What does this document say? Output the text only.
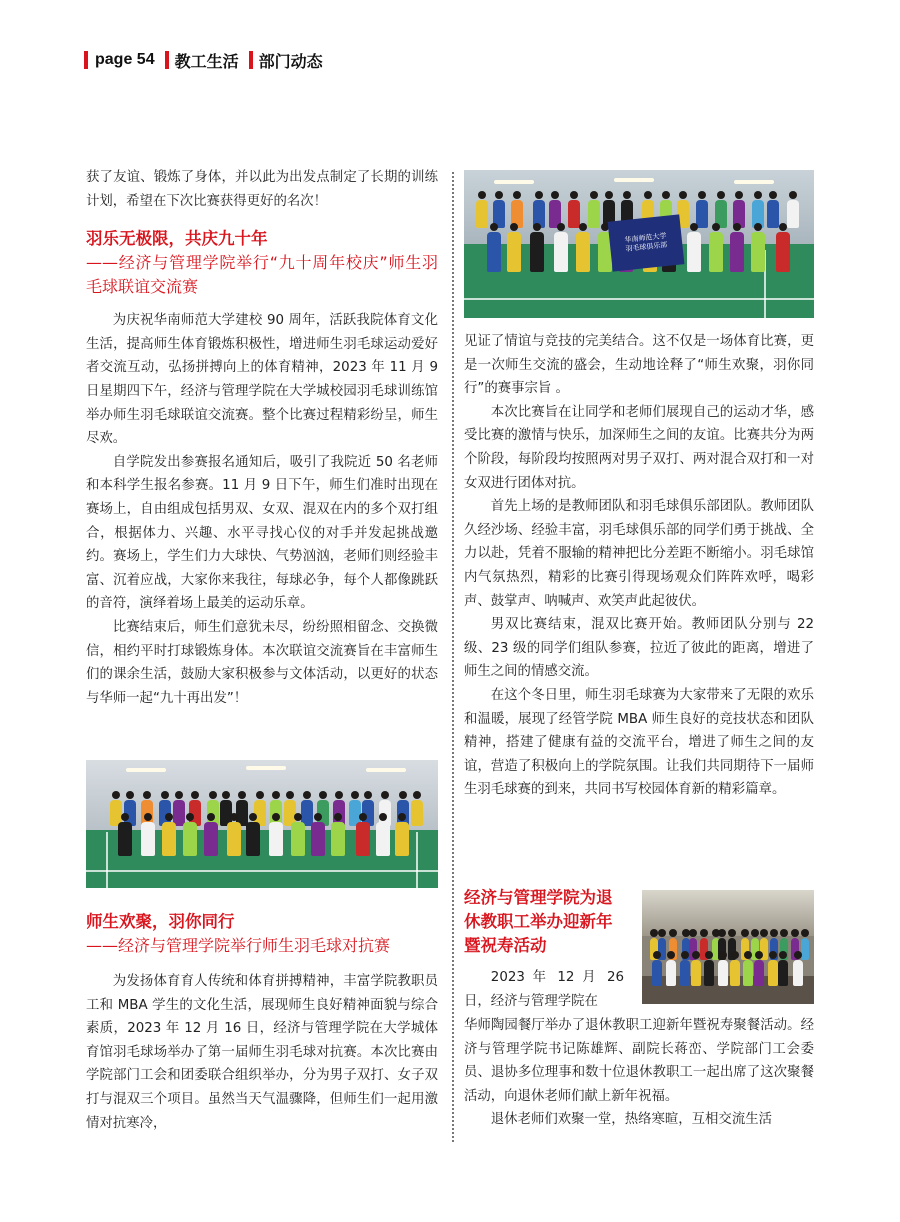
page 54 教工生活 部门动态

获了友谊、锻炼了身体，并以此为出发点制定了长期的训练计划，希望在下次比赛获得更好的名次！

羽乐无极限，共庆九十年
——经济与管理学院举行“九十周年校庆”师生羽毛球联谊交流赛

为庆祝华南师范大学建校 90 周年，活跃我院体育文化生活，提高师生体育锻炼积极性，增进师生羽毛球运动爱好者交流互动，弘扬拼搏向上的体育精神，2023 年 11 月 9 日星期四下午，经济与管理学院在大学城校园羽毛球训练馆举办师生羽毛球联谊交流赛。整个比赛过程精彩纷呈，师生尽欢。

自学院发出参赛报名通知后，吸引了我院近 50 名老师和本科学生报名参赛。11 月 9 日下午，师生们准时出现在赛场上，自由组成包括男双、女双、混双在内的多个双打组合，根据体力、兴趣、水平寻找心仪的对手并发起挑战邀约。赛场上，学生们力大球快、气势汹汹，老师们则经验丰富、沉着应战，大家你来我往，每球必争，每个人都像跳跃的音符，演绎着场上最美的运动乐章。

比赛结束后，师生们意犹未尽，纷纷照相留念、交换微信，相约平时打球锻炼身体。本次联谊交流赛旨在丰富师生们的课余生活，鼓励大家积极参与文体活动，以更好的状态与华师一起“九十再出发”！

师生欢聚，羽你同行
——经济与管理学院举行师生羽毛球对抗赛

为发扬体育育人传统和体育拼搏精神，丰富学院教职员工和 MBA 学生的文化生活，展现师生良好精神面貌与综合素质，2023 年 12 月 16 日，经济与管理学院在大学城体育馆羽毛球场举办了第一届师生羽毛球对抗赛。本次比赛由学院部门工会和团委联合组织举办，分为男子双打、女子双打与混双三个项目。虽然当天气温骤降，但师生们一起用激情对抗寒冷，

华南师范大学
羽毛球俱乐部

见证了情谊与竞技的完美结合。这不仅是一场体育比赛，更是一次师生交流的盛会，生动地诠释了“师生欢聚，羽你同行”的赛事宗旨 。

本次比赛旨在让同学和老师们展现自己的运动才华，感受比赛的激情与快乐，加深师生之间的友谊。比赛共分为两个阶段，每阶段均按照两对男子双打、两对混合双打和一对女双进行团体对抗。

首先上场的是教师团队和羽毛球俱乐部团队。教师团队久经沙场、经验丰富，羽毛球俱乐部的同学们勇于挑战、全力以赴，凭着不服输的精神把比分差距不断缩小。羽毛球馆内气氛热烈，精彩的比赛引得现场观众们阵阵欢呼，喝彩声、鼓掌声、呐喊声、欢笑声此起彼伏。

男双比赛结束，混双比赛开始。教师团队分别与 22 级、23 级的同学们组队参赛，拉近了彼此的距离，增进了师生之间的情感交流。

在这个冬日里，师生羽毛球赛为大家带来了无限的欢乐和温暖，展现了经管学院 MBA 师生良好的竞技状态和团队精神，搭建了健康有益的交流平台，增进了师生之间的友谊，营造了积极向上的学院氛围。让我们共同期待下一届师生羽毛球赛的到来，共同书写校园体育新的精彩篇章。

经济与管理学院为退休教职工举办迎新年暨祝寿活动

2023 年 12 月 26 日，经济与管理学院在

华师陶园餐厅举办了退休教职工迎新年暨祝寿聚餐活动。经济与管理学院书记陈雄辉、副院长蒋峦、学院部门工会委员、退协多位理事和数十位退休教职工一起出席了这次聚餐活动，向退休老师们献上新年祝福。

退休老师们欢聚一堂，热络寒暄，互相交流生活
